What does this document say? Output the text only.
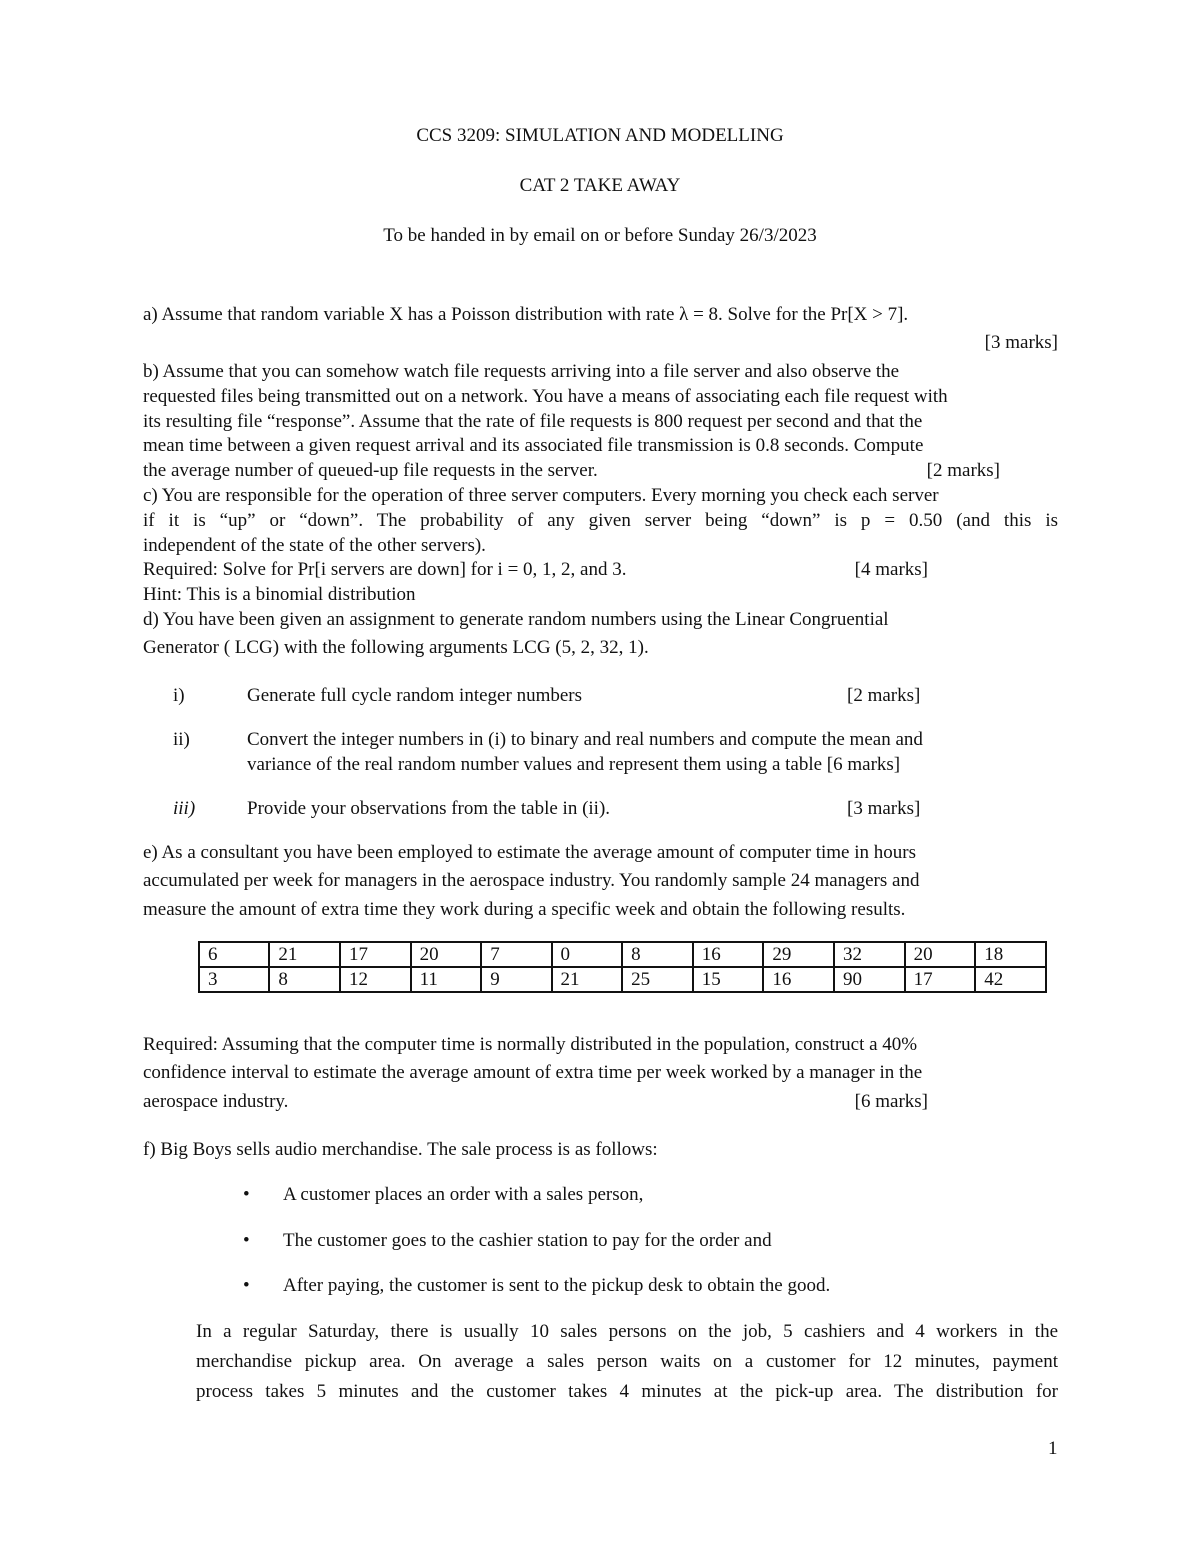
CCS 3209: SIMULATION AND MODELLING
CAT 2 TAKE AWAY
To be handed in by email on or before Sunday 26/3/2023
a) Assume that random variable X has a Poisson distribution with rate λ = 8. Solve for the Pr[X > 7].
[3 marks]
b) Assume that you can somehow watch file requests arriving into a file server and also observe the
requested files being transmitted out on a network. You have a means of associating each file request with
its resulting file “response”. Assume that the rate of file requests is 800 request per second and that the
mean time between a given request arrival and its associated file transmission is 0.8 seconds. Compute
the average number of queued-up file requests in the server.	[2 marks]
c) You are responsible for the operation of three server computers. Every morning you check each server
if it is “up” or “down”. The probability of any given server being “down” is p = 0.50 (and this is
independent of the state of the other servers).
Required: Solve for Pr[i servers are down] for i = 0, 1, 2, and 3.	[4 marks]
Hint: This is a binomial distribution
d) You have been given an assignment to generate random numbers using the Linear Congruential
Generator ( LCG) with the following arguments LCG (5, 2, 32, 1).
i)	Generate full cycle random integer numbers	[2 marks]
ii)	Convert the integer numbers in (i) to binary and real numbers and compute the mean and
variance of the real random number values and represent them using a table [6 marks]
iii)	Provide your observations from the table in (ii).	[3 marks]
e) As a consultant you have been employed to estimate the average amount of computer time in hours
accumulated per week for managers in the aerospace industry. You randomly sample 24 managers and
measure the amount of extra time they work during a specific week and obtain the following results.
6	21	17	20	7	0	8	16	29	32	20	18
3	8	12	11	9	21	25	15	16	90	17	42
Required: Assuming that the computer time is normally distributed in the population, construct a 40%
confidence interval to estimate the average amount of extra time per week worked by a manager in the
aerospace industry.	[6 marks]
f) Big Boys sells audio merchandise. The sale process is as follows:
• A customer places an order with a sales person,
• The customer goes to the cashier station to pay for the order and
• After paying, the customer is sent to the pickup desk to obtain the good.
In a regular Saturday, there is usually 10 sales persons on the job, 5 cashiers and 4 workers in the
merchandise pickup area. On average a sales person waits on a customer for 12 minutes, payment
process takes 5 minutes and the customer takes 4 minutes at the pick-up area. The distribution for
1
